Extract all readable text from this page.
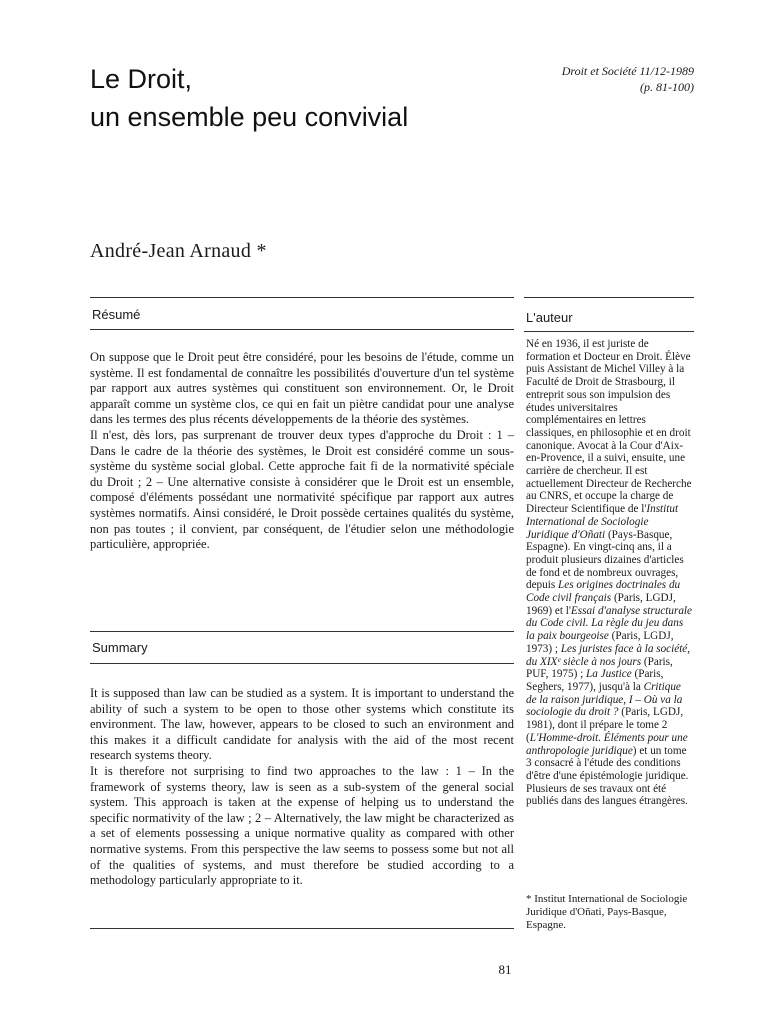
Le Droit,
un ensemble peu convivial
Droit et Société 11/12-1989
(p. 81-100)
André-Jean Arnaud *
Résumé

On suppose que le Droit peut être considéré, pour les besoins de l'étude, comme un système. Il est fondamental de connaître les possibilités d'ouverture d'un tel système par rapport aux autres systèmes qui constituent son environnement. Or, le Droit apparaît comme un système clos, ce qui en fait un piètre candidat pour une analyse dans les termes des plus récents développements de la théorie des systèmes.

Il n'est, dès lors, pas surprenant de trouver deux types d'approche du Droit : 1 – Dans le cadre de la théorie des systèmes, le Droit est considéré comme un sous-système du système social global. Cette approche fait fi de la normativité spéciale du Droit ; 2 – Une alternative consiste à considérer que le Droit est un ensemble, composé d'éléments possédant une normativité spécifique par rapport aux autres systèmes normatifs. Ainsi considéré, le Droit possède certaines qualités du système, non pas toutes ; il convient, par conséquent, de l'étudier selon une méthodologie particulière, appropriée.

Summary

It is supposed than law can be studied as a system. It is important to understand the ability of such a system to be open to those other systems which constitute its environment. The law, however, appears to be closed to such an environment and this makes it a difficult candidate for analysis with the aid of the most recent research systems theory.

It is therefore not surprising to find two approaches to the law : 1 – In the framework of systems theory, law is seen as a sub-system of the general social system. This approach is taken at the expense of helping us to understand the specific normativity of the law ; 2 – Alternatively, the law might be characterized as a set of elements possessing a unique normative quality as compared with other normative systems. From this perspective the law seems to possess some but not all of the qualities of systems, and must therefore be studied according to a methodology particularly appropriate to it.

L'auteur

Né en 1936, il est juriste de formation et Docteur en Droit. Élève puis Assistant de Michel Villey à la Faculté de Droit de Strasbourg, il entreprit sous son impulsion des études universitaires complémentaires en lettres classiques, en philosophie et en droit canonique. Avocat à la Cour d'Aix-en-Provence, il a suivi, ensuite, une carrière de chercheur. Il est actuellement Directeur de Recherche au CNRS, et occupe la charge de Directeur Scientifique de l'Institut International de Sociologie Juridique d'Oñati (Pays-Basque, Espagne). En vingt-cinq ans, il a produit plusieurs dizaines d'articles de fond et de nombreux ouvrages, depuis Les origines doctrinales du Code civil français (Paris, LGDJ, 1969) et l'Essai d'analyse structurale du Code civil. La règle du jeu dans la paix bourgeoise (Paris, LGDJ, 1973) ; Les juristes face à la société, du XIXᵉ siècle à nos jours (Paris, PUF, 1975) ; La Justice (Paris, Seghers, 1977), jusqu'à la Critique de la raison juridique, I – Où va la sociologie du droit ? (Paris, LGDJ, 1981), dont il prépare le tome 2 (L'Homme-droit. Éléments pour une anthropologie juridique) et un tome 3 consacré à l'étude des conditions d'être d'une épistémologie juridique. Plusieurs de ses travaux ont été publiés dans des langues étrangères.

* Institut International de Sociologie Juridique d'Oñati, Pays-Basque, Espagne.

81
